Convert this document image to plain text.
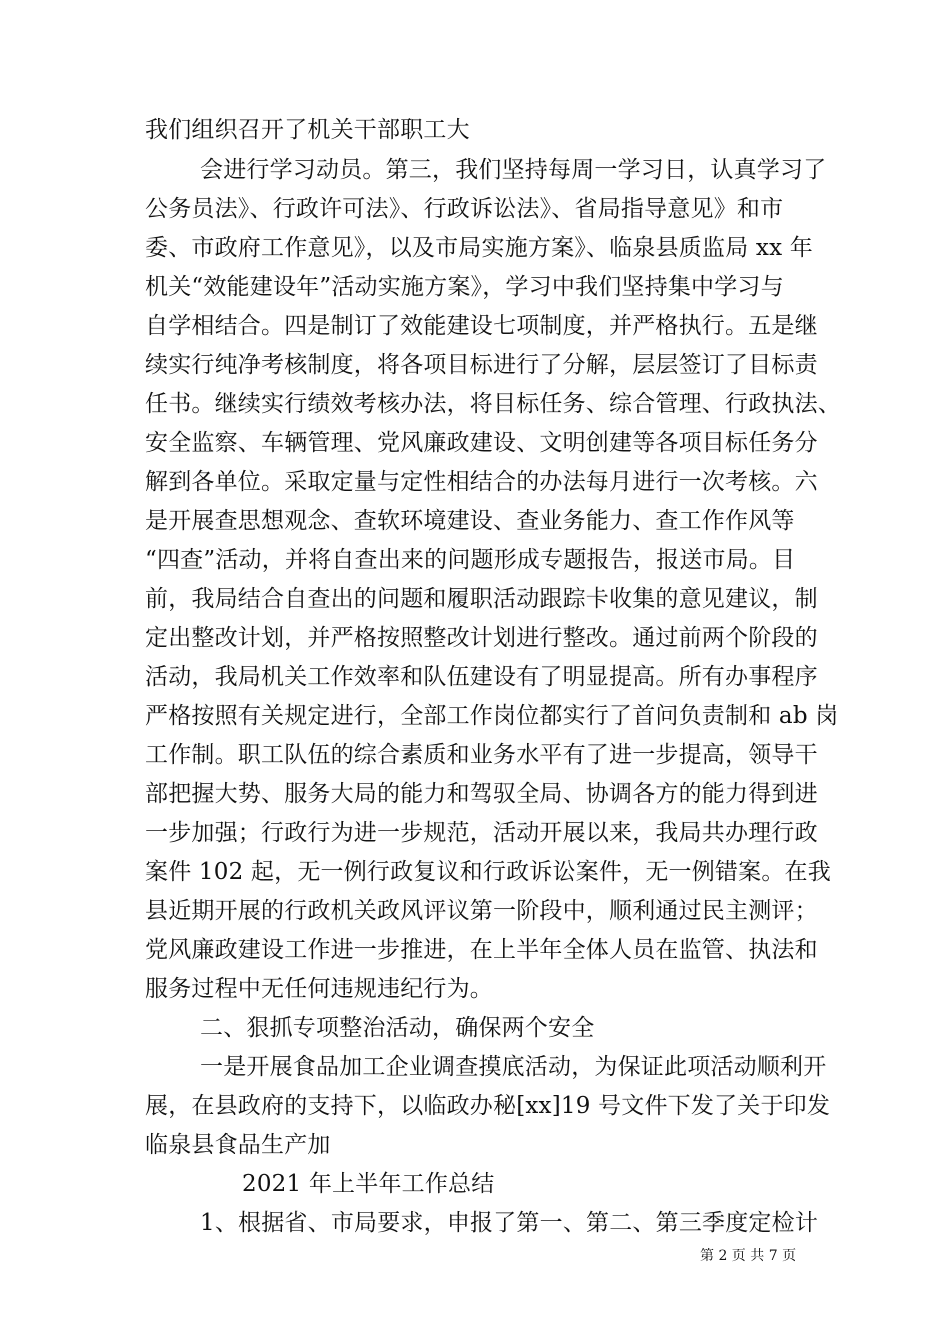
我们组织召开了机关干部职工大
会进行学习动员。第三，我们坚持每周一学习日，认真学习了
公务员法》、行政许可法》、行政诉讼法》、省局指导意见》和市
委、市政府工作意见》，以及市局实施方案》、临泉县质监局 xx 年
机关“效能建设年”活动实施方案》，学习中我们坚持集中学习与
自学相结合。四是制订了效能建设七项制度，并严格执行。五是继
续实行纯净考核制度，将各项目标进行了分解，层层签订了目标责
任书。继续实行绩效考核办法，将目标任务、综合管理、行政执法、
安全监察、车辆管理、党风廉政建设、文明创建等各项目标任务分
解到各单位。采取定量与定性相结合的办法每月进行一次考核。六
是开展查思想观念、查软环境建设、查业务能力、查工作作风等
“四查”活动，并将自查出来的问题形成专题报告，报送市局。目
前，我局结合自查出的问题和履职活动跟踪卡收集的意见建议，制
定出整改计划，并严格按照整改计划进行整改。通过前两个阶段的
活动，我局机关工作效率和队伍建设有了明显提高。所有办事程序
严格按照有关规定进行，全部工作岗位都实行了首问负责制和 ab 岗
工作制。职工队伍的综合素质和业务水平有了进一步提高，领导干
部把握大势、服务大局的能力和驾驭全局、协调各方的能力得到进
一步加强；行政行为进一步规范，活动开展以来，我局共办理行政
案件 102 起，无一例行政复议和行政诉讼案件，无一例错案。在我
县近期开展的行政机关政风评议第一阶段中，顺利通过民主测评；
党风廉政建设工作进一步推进，在上半年全体人员在监管、执法和
服务过程中无任何违规违纪行为。
二、狠抓专项整治活动，确保两个安全
一是开展食品加工企业调查摸底活动，为保证此项活动顺利开
展，在县政府的支持下，以临政办秘[xx]19 号文件下发了关于印发
临泉县食品生产加
2021 年上半年工作总结
1、根据省、市局要求，申报了第一、第二、第三季度定检计
第 2 页 共 7 页
